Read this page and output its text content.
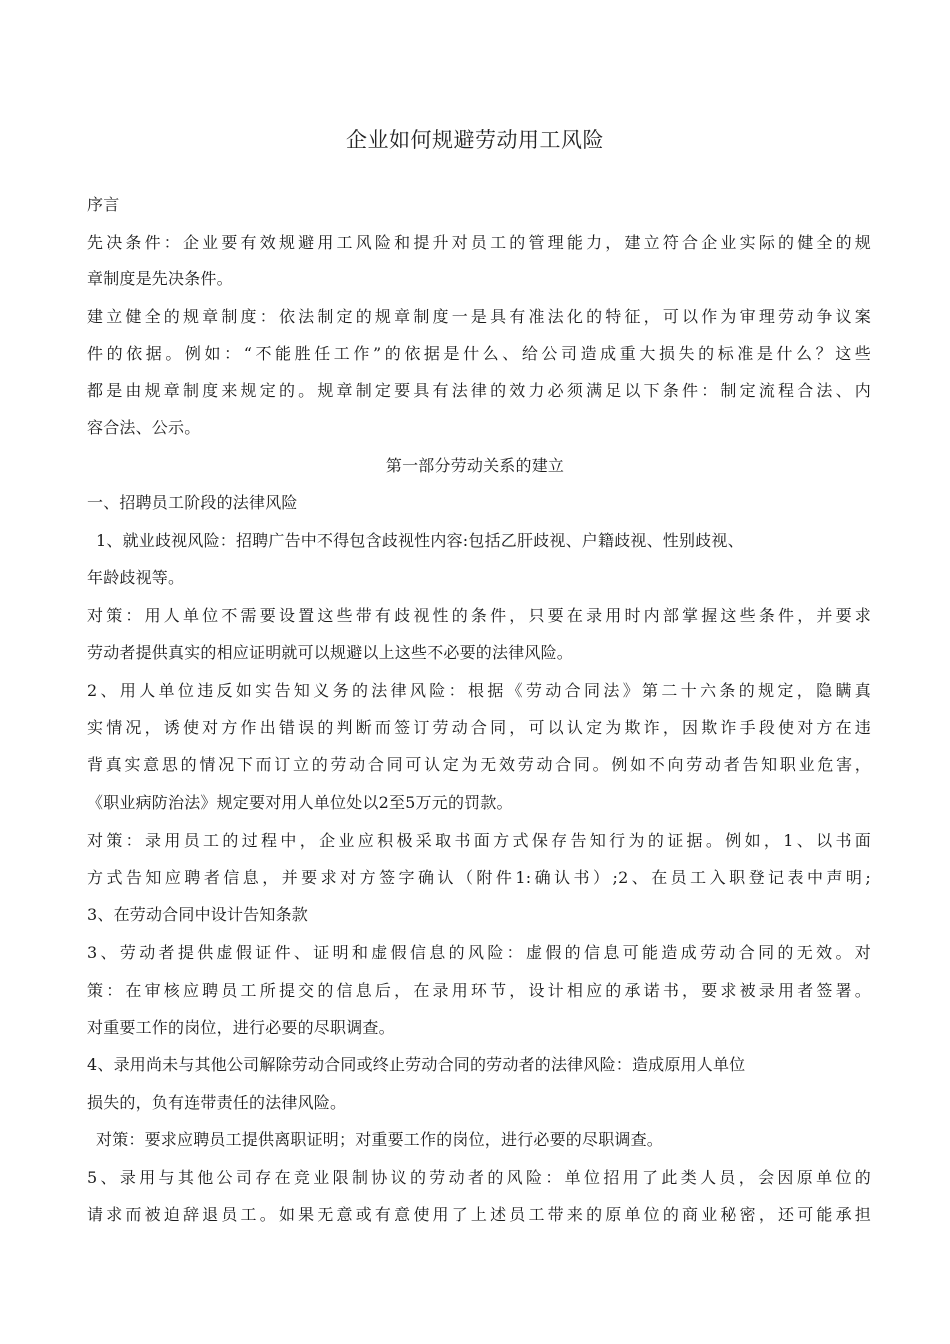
企业如何规避劳动用工风险
序言
先决条件：企业要有效规避用工风险和提升对员工的管理能力，建立符合企业实际的健全的规
章制度是先决条件。
建立健全的规章制度：依法制定的规章制度一是具有准法化的特征，可以作为审理劳动争议案
件的依据。例如：“不能胜任工作”的依据是什么、给公司造成重大损失的标准是什么？这些
都是由规章制度来规定的。规章制定要具有法律的效力必须满足以下条件：制定流程合法、内
容合法、公示。
第一部分劳动关系的建立
一、招聘员工阶段的法律风险
1、就业歧视风险：招聘广告中不得包含歧视性内容:包括乙肝歧视、户籍歧视、性别歧视、
年龄歧视等。
对策：用人单位不需要设置这些带有歧视性的条件，只要在录用时内部掌握这些条件，并要求
劳动者提供真实的相应证明就可以规避以上这些不必要的法律风险。
2、用人单位违反如实告知义务的法律风险：根据《劳动合同法》第二十六条的规定，隐瞒真
实情况，诱使对方作出错误的判断而签订劳动合同，可以认定为欺诈，因欺诈手段使对方在违
背真实意思的情况下而订立的劳动合同可认定为无效劳动合同。例如不向劳动者告知职业危害，
《职业病防治法》规定要对用人单位处以2至5万元的罚款。
对策：录用员工的过程中，企业应积极采取书面方式保存告知行为的证据。例如，1、以书面
方式告知应聘者信息，并要求对方签字确认（附件1:确认书）;2、在员工入职登记表中声明;
3、在劳动合同中设计告知条款
3、劳动者提供虚假证件、证明和虚假信息的风险：虚假的信息可能造成劳动合同的无效。对
策：在审核应聘员工所提交的信息后，在录用环节，设计相应的承诺书，要求被录用者签署。
对重要工作的岗位，进行必要的尽职调查。
4、录用尚未与其他公司解除劳动合同或终止劳动合同的劳动者的法律风险：造成原用人单位
损失的，负有连带责任的法律风险。
对策：要求应聘员工提供离职证明；对重要工作的岗位，进行必要的尽职调查。
5、录用与其他公司存在竞业限制协议的劳动者的风险：单位招用了此类人员，会因原单位的
请求而被迫辞退员工。如果无意或有意使用了上述员工带来的原单位的商业秘密，还可能承担
